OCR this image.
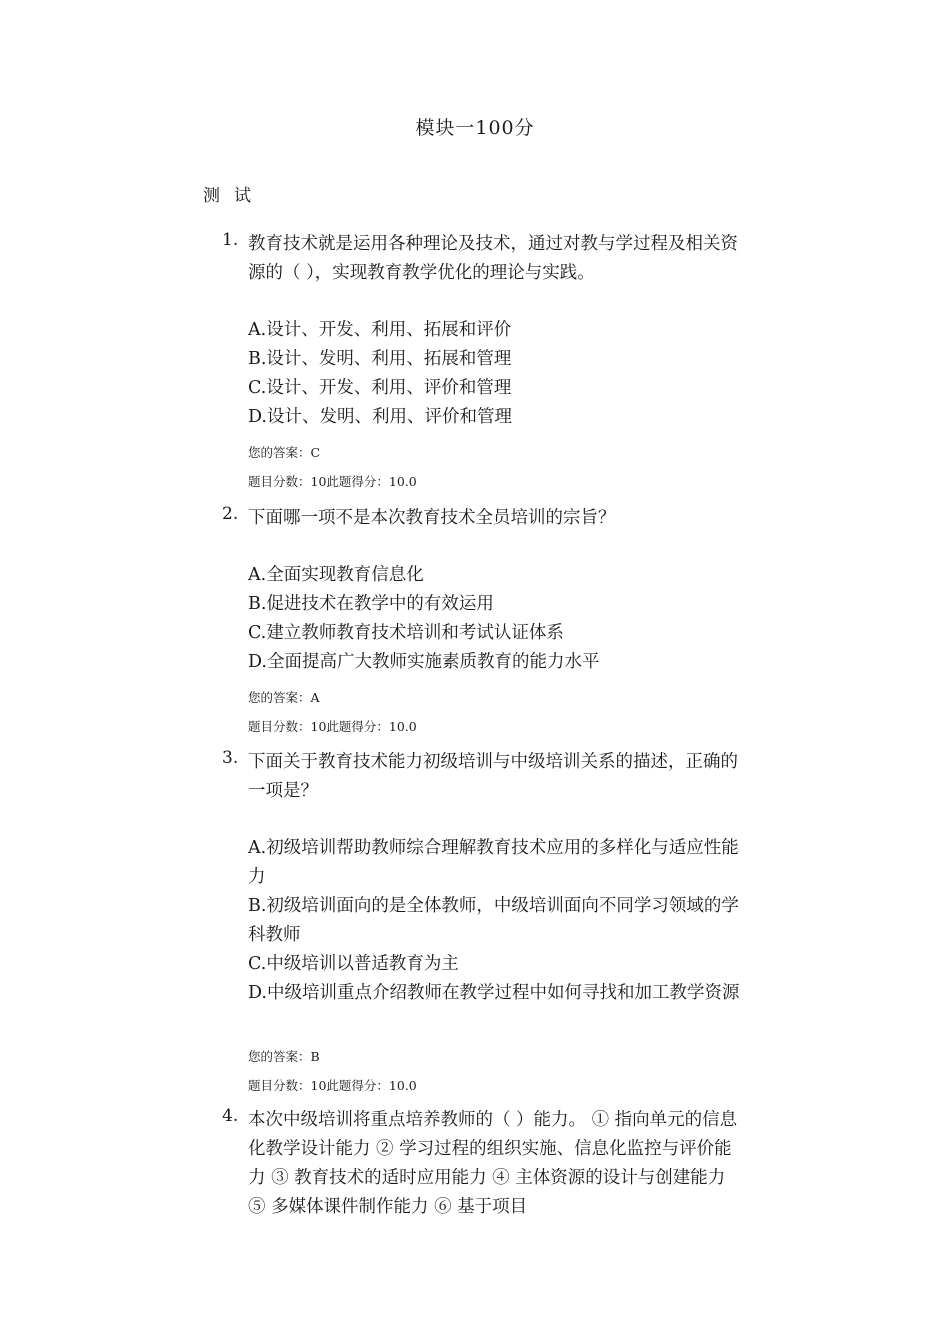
模块一100分
测试
1. 教育技术就是运用各种理论及技术，通过对教与学过程及相关资源的（ ），实现教育教学优化的理论与实践。
A.设计、开发、利用、拓展和评价
B.设计、发明、利用、拓展和管理
C.设计、开发、利用、评价和管理
D.设计、发明、利用、评价和管理
您的答案：C
题目分数：10此题得分：10.0
2. 下面哪一项不是本次教育技术全员培训的宗旨？
A.全面实现教育信息化
B.促进技术在教学中的有效运用
C.建立教师教育技术培训和考试认证体系
D.全面提高广大教师实施素质教育的能力水平
您的答案：A
题目分数：10此题得分：10.0
3. 下面关于教育技术能力初级培训与中级培训关系的描述，正确的一项是？
A.初级培训帮助教师综合理解教育技术应用的多样化与适应性能力
B.初级培训面向的是全体教师，中级培训面向不同学习领域的学科教师
C.中级培训以普适教育为主
D.中级培训重点介绍教师在教学过程中如何寻找和加工教学资源
您的答案：B
题目分数：10此题得分：10.0
4. 本次中级培训将重点培养教师的（ ）能力。 ① 指向单元的信息化教学设计能力 ② 学习过程的组织实施、信息化监控与评价能力 ③ 教育技术的适时应用能力 ④ 主体资源的设计与创建能力 ⑤ 多媒体课件制作能力 ⑥ 基于项目
